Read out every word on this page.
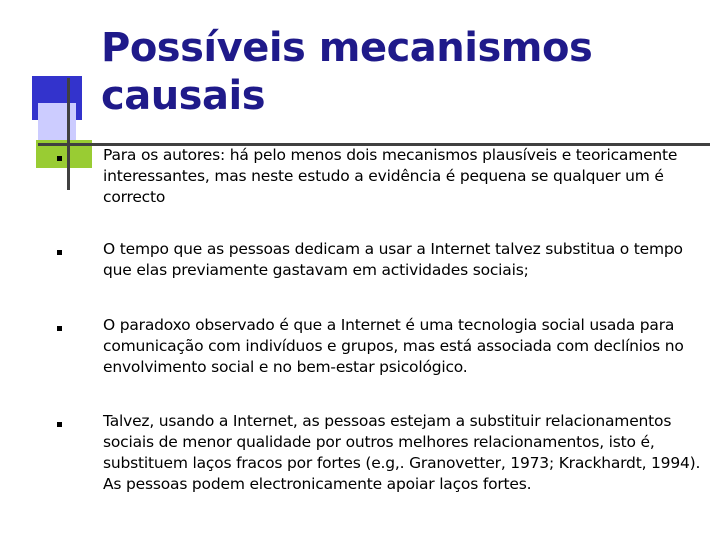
Possíveis mecanismos causais
Para os autores: há pelo menos dois mecanismos plausíveis e teoricamente interessantes, mas neste estudo a evidência é pequena se qualquer um é correcto
O tempo que as pessoas dedicam a usar a Internet talvez substitua o tempo que elas previamente gastavam em actividades sociais;
O paradoxo observado é que a Internet é uma tecnologia social usada para comunicação com indivíduos e grupos, mas está associada com declínios no envolvimento social e no bem-estar psicológico.
Talvez, usando a Internet, as pessoas estejam a substituir relacionamentos sociais de menor qualidade por outros melhores relacionamentos, isto é, substituem laços fracos por fortes (e.g,. Granovetter, 1973; Krackhardt, 1994). As pessoas podem electronicamente apoiar laços fortes.
